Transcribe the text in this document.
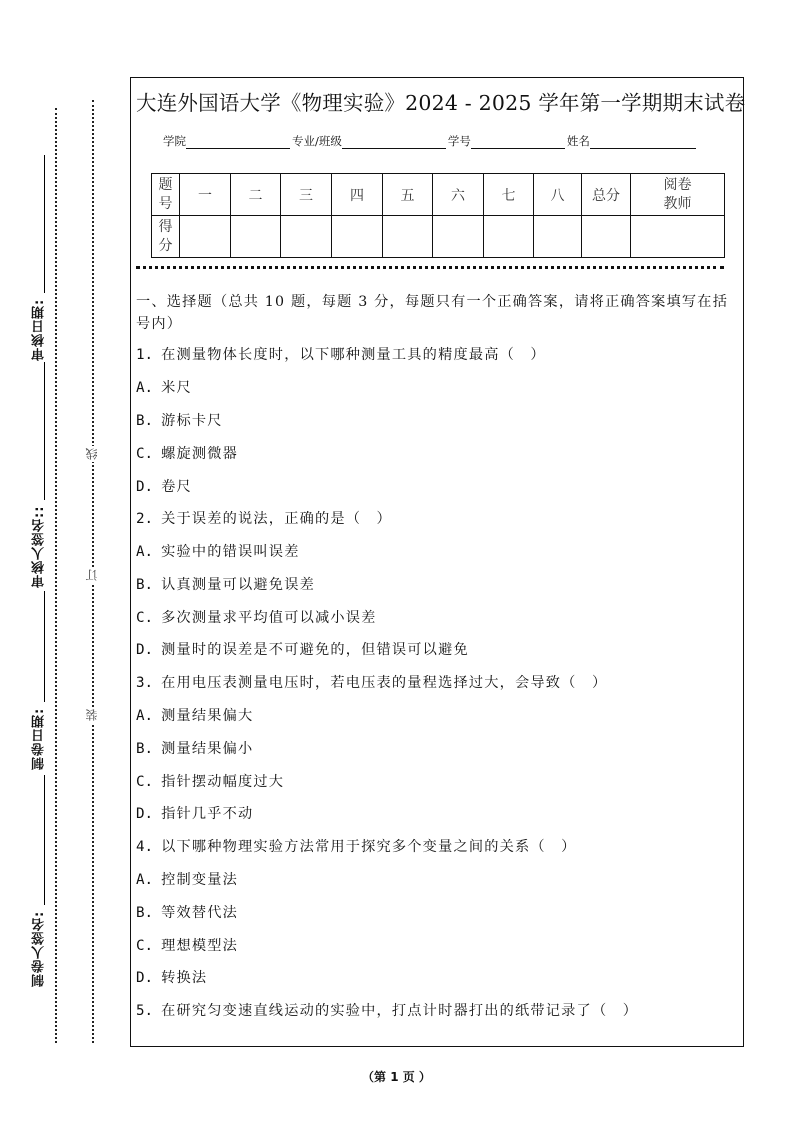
审核日期:
审核人签名::
制卷日期:
制卷人签名:
线
订
装
大连外国语大学《物理实验》2024 - 2025 学年第一学期期末试卷
学院	专业/班级	学号	姓名
题号	一	二	三	四	五	六	七	八	总分	阅卷教师
得分										
一、选择题（总共 10 题，每题 3 分，每题只有一个正确答案，请将正确答案填写在括号内）
1. 在测量物体长度时，以下哪种测量工具的精度最高（　）
A. 米尺
B. 游标卡尺
C. 螺旋测微器
D. 卷尺
2. 关于误差的说法，正确的是（　）
A. 实验中的错误叫误差
B. 认真测量可以避免误差
C. 多次测量求平均值可以减小误差
D. 测量时的误差是不可避免的，但错误可以避免
3. 在用电压表测量电压时，若电压表的量程选择过大，会导致（　）
A. 测量结果偏大
B. 测量结果偏小
C. 指针摆动幅度过大
D. 指针几乎不动
4. 以下哪种物理实验方法常用于探究多个变量之间的关系（　）
A. 控制变量法
B. 等效替代法
C. 理想模型法
D. 转换法
5. 在研究匀变速直线运动的实验中，打点计时器打出的纸带记录了（　）
（第 1 页 ）
